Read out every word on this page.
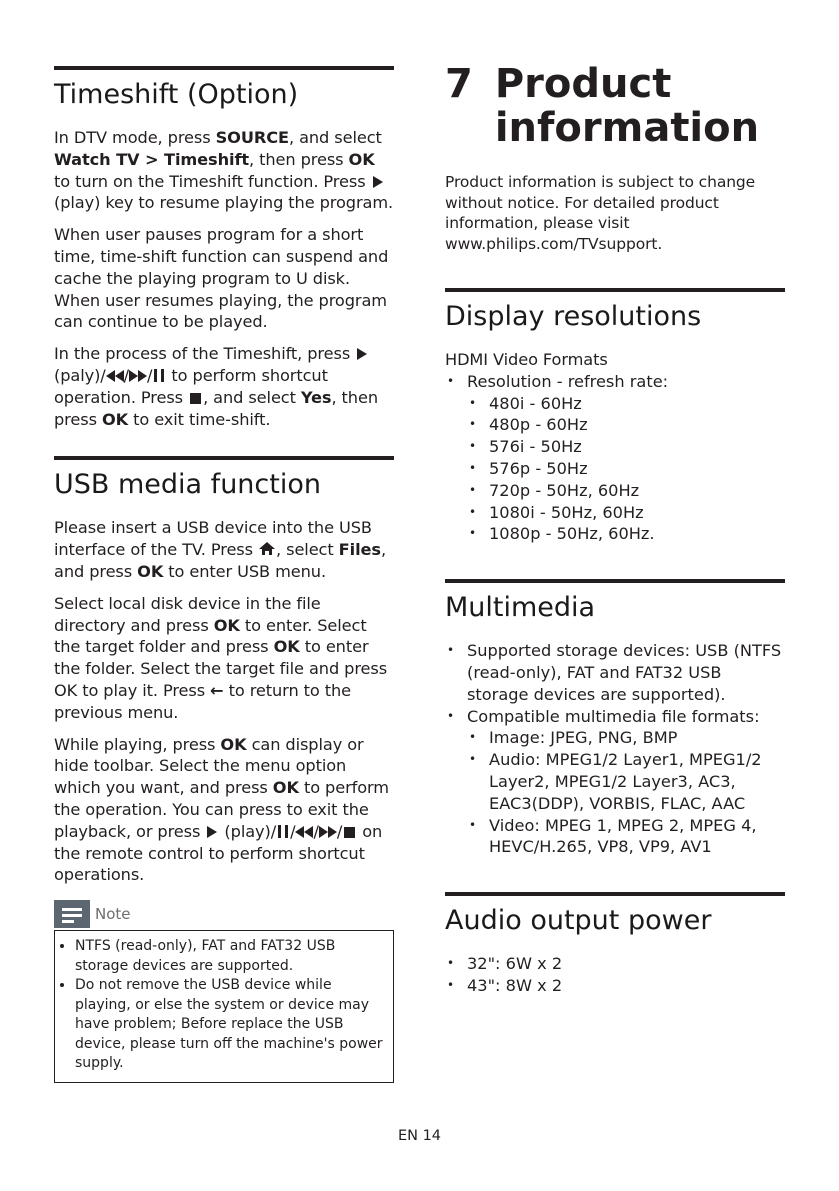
Timeshift (Option)

In DTV mode, press SOURCE, and select Watch TV > Timeshift, then press OK to turn on the Timeshift function. Press  (play) key to resume playing the program.

When user pauses program for a short time, time-shift function can suspend and cache the playing program to U disk. When user resumes playing, the program can continue to be played.

In the process of the Timeshift, press  (paly)/ / / to perform shortcut operation. Press , and select Yes, then press OK to exit time-shift.

USB media function

Please insert a USB device into the USB interface of the TV. Press , select Files, and press OK to enter USB menu.

Select local disk device in the file directory and press OK to enter. Select the target folder and press OK to enter the folder. Select the target file and press OK to play it. Press ← to return to the previous menu.

While playing, press OK can display or hide toolbar. Select the menu option which you want, and press OK to perform the operation. You can press to exit the playback, or press  (play)/ / / / on the remote control to perform shortcut operations.

Note
• NTFS (read-only), FAT and FAT32 USB storage devices are supported.
• Do not remove the USB device while playing, or else the system or device may have problem; Before replace the USB device, please turn off the machine's power supply.
7 Product
information

Product information is subject to change without notice. For detailed product information, please visit www.philips.com/TVsupport.

Display resolutions

HDMI Video Formats

• Resolution - refresh rate:
• 480i - 60Hz
• 480p - 60Hz
• 576i - 50Hz
• 576p - 50Hz
• 720p - 50Hz, 60Hz
• 1080i - 50Hz, 60Hz
• 1080p - 50Hz, 60Hz.
Multimedia
• Supported storage devices: USB (NTFS (read-only), FAT and FAT32 USB storage devices are supported).
• Compatible multimedia file formats:
• Image: JPEG, PNG, BMP
• Audio: MPEG1/2 Layer1, MPEG1/2 Layer2, MPEG1/2 Layer3, AC3, EAC3(DDP), VORBIS, FLAC, AAC
• Video: MPEG 1, MPEG 2, MPEG 4, HEVC/H.265, VP8, VP9, AV1
Audio output power
• 32": 6W x 2
• 43": 8W x 2
EN 14
